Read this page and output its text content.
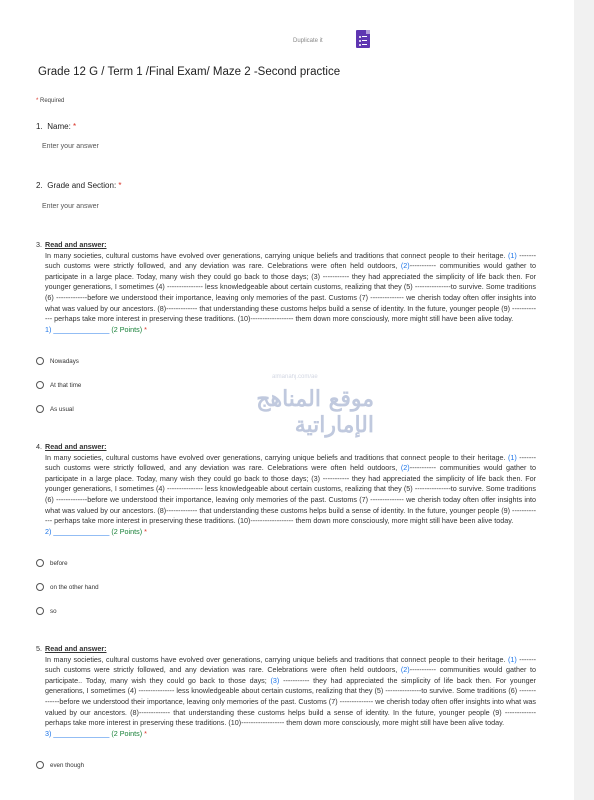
Duplicate it
Grade 12 G / Term 1 /Final Exam/ Maze 2 -Second practice
* Required
1. Name: *
Enter your answer
2. Grade and Section: *
Enter your answer
3. Read and answer:
In many societies, cultural customs have evolved over generations, carrying unique beliefs and traditions that connect people to their heritage. (1) ------- such customs were strictly followed, and any deviation was rare. Celebrations were often held outdoors, (2)----------- communities would gather to participate in a large place. Today, many wish they could go back to those days; (3) ----------- they had appreciated the simplicity of life back then. For younger generations, I sometimes (4) --------------- less knowledgeable about certain customs, realizing that they (5) ---------------to survive. Some traditions (6) -------------before we understood their importance, leaving only memories of the past. Customs (7) -------------- we cherish today often offer insights into what was valued by our ancestors. (8)------------- that understanding these customs helps build a sense of identity. In the future, younger people (9) ------------- perhaps take more interest in preserving these traditions. (10)------------------ them down more consciously, more might still have been alive today.
1) ______________ (2 Points) *
Nowadays
At that time
As usual
almanahj.com/ae
موقع المناهج الإماراتية
4. Read and answer:
In many societies, cultural customs have evolved over generations, carrying unique beliefs and traditions that connect people to their heritage. (1) ------- such customs were strictly followed, and any deviation was rare. Celebrations were often held outdoors, (2)----------- communities would gather to participate in a large place. Today, many wish they could go back to those days; (3) ----------- they had appreciated the simplicity of life back then. For younger generations, I sometimes (4) --------------- less knowledgeable about certain customs, realizing that they (5) ---------------to survive. Some traditions (6) -------------before we understood their importance, leaving only memories of the past. Customs (7) -------------- we cherish today often offer insights into what was valued by our ancestors. (8)------------- that understanding these customs helps build a sense of identity. In the future, younger people (9) ------------- perhaps take more interest in preserving these traditions. (10)------------------ them down more consciously, more might still have been alive today.
2) ______________ (2 Points) *
before
on the other hand
so
5. Read and answer:
In many societies, cultural customs have evolved over generations, carrying unique beliefs and traditions that connect people to their heritage. (1) ------- such customs were strictly followed, and any deviation was rare. Celebrations were often held outdoors, (2)----------- communities would gather to participate.. Today, many wish they could go back to those days; (3) ----------- they had appreciated the simplicity of life back then. For younger generations, I sometimes (4) --------------- less knowledgeable about certain customs, realizing that they (5) ---------------to survive. Some traditions (6) -------------before we understood their importance, leaving only memories of the past. Customs (7) -------------- we cherish today often offer insights into what was valued by our ancestors. (8)------------- that understanding these customs helps build a sense of identity. In the future, younger people (9) ------------- perhaps take more interest in preserving these traditions. (10)------------------ them down more consciously, more might still have been alive today.
3) ______________ (2 Points) *
even though
